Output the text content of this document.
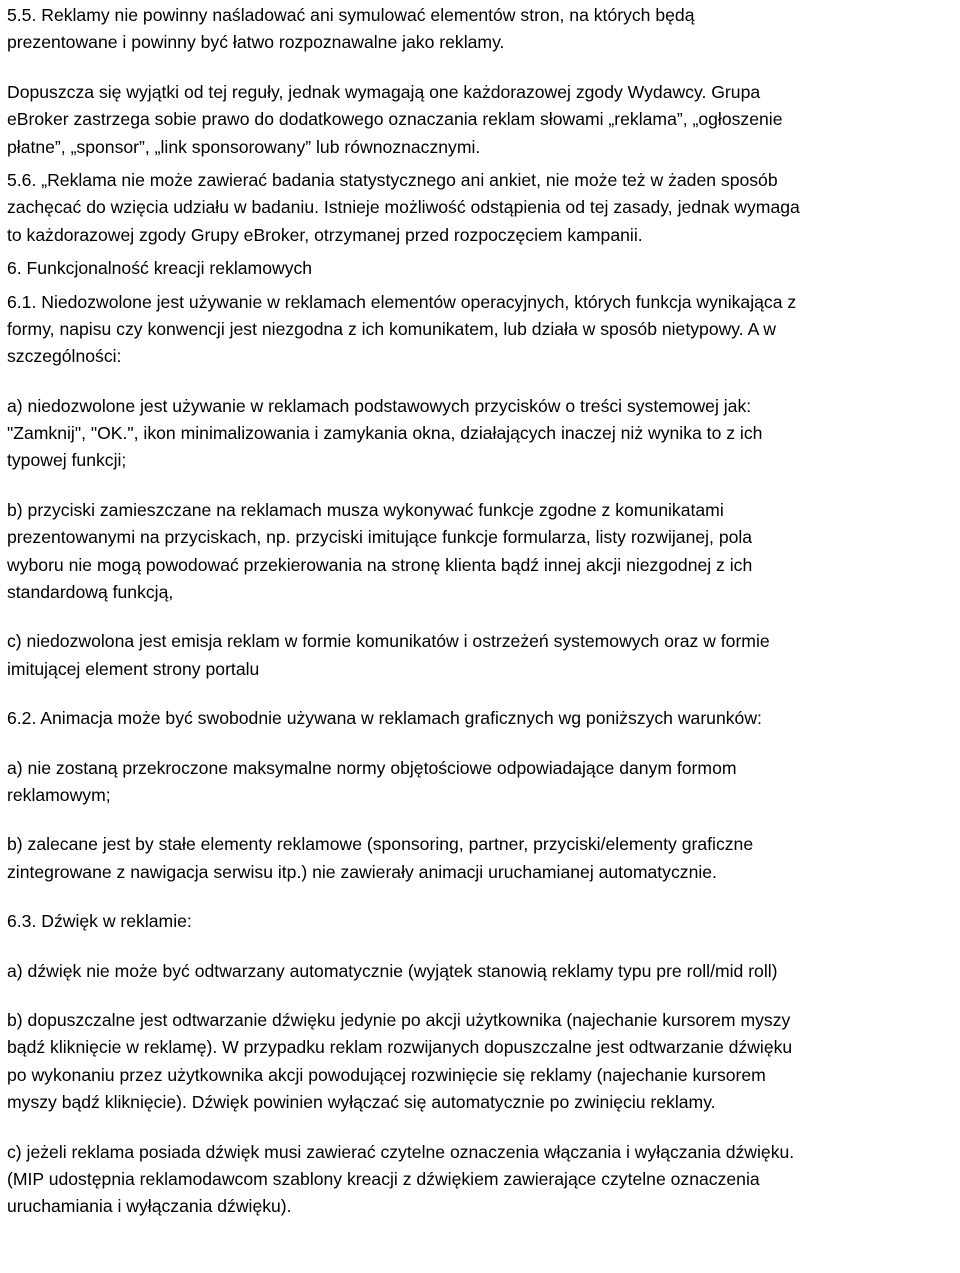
5.5. Reklamy nie powinny naśladować ani symulować elementów stron, na których będą
prezentowane i powinny być łatwo rozpoznawalne jako reklamy.
Dopuszcza się wyjątki od tej reguły, jednak wymagają one każdorazowej zgody Wydawcy. Grupa
eBroker zastrzega sobie prawo do dodatkowego oznaczania reklam słowami „reklama”, „ogłoszenie
płatne”, „sponsor”, „link sponsorowany” lub równoznacznymi.
5.6. „Reklama nie może zawierać badania statystycznego ani ankiet, nie może też w żaden sposób
zachęcać do wzięcia udziału w badaniu. Istnieje możliwość odstąpienia od tej zasady, jednak wymaga
to każdorazowej zgody Grupy eBroker, otrzymanej przed rozpoczęciem kampanii.
6. Funkcjonalność kreacji reklamowych
6.1. Niedozwolone jest używanie w reklamach elementów operacyjnych, których funkcja wynikająca z
formy, napisu czy konwencji jest niezgodna z ich komunikatem, lub działa w sposób nietypowy. A w
szczególności:
a) niedozwolone jest używanie w reklamach podstawowych przycisków o treści systemowej jak:
"Zamknij", "OK.", ikon minimalizowania i zamykania okna, działających inaczej niż wynika to z ich
typowej funkcji;
b) przyciski zamieszczane na reklamach musza wykonywać funkcje zgodne z komunikatami
prezentowanymi na przyciskach, np. przyciski imitujące funkcje formularza, listy rozwijanej, pola
wyboru nie mogą powodować przekierowania na stronę klienta bądź innej akcji niezgodnej z ich
standardową funkcją,
c) niedozwolona jest emisja reklam w formie komunikatów i ostrzeżeń systemowych oraz w formie
imitującej element strony portalu
6.2. Animacja może być swobodnie używana w reklamach graficznych wg poniższych warunków:
a) nie zostaną przekroczone maksymalne normy objętościowe odpowiadające danym formom
reklamowym;
b) zalecane jest by stałe elementy reklamowe (sponsoring, partner, przyciski/elementy graficzne
zintegrowane z nawigacja serwisu itp.) nie zawierały animacji uruchamianej automatycznie.
6.3. Dźwięk w reklamie:
a) dźwięk nie może być odtwarzany automatycznie (wyjątek stanowią reklamy typu pre roll/mid roll)
b) dopuszczalne jest odtwarzanie dźwięku jedynie po akcji użytkownika (najechanie kursorem myszy
bądź kliknięcie w reklamę). W przypadku reklam rozwijanych dopuszczalne jest odtwarzanie dźwięku
po wykonaniu przez użytkownika akcji powodującej rozwinięcie się reklamy (najechanie kursorem
myszy bądź kliknięcie). Dźwięk powinien wyłączać się automatycznie po zwinięciu reklamy.
c) jeżeli reklama posiada dźwięk musi zawierać czytelne oznaczenia włączania i wyłączania dźwięku.
(MIP udostępnia reklamodawcom szablony kreacji z dźwiękiem zawierające czytelne oznaczenia
uruchamiania i wyłączania dźwięku).
